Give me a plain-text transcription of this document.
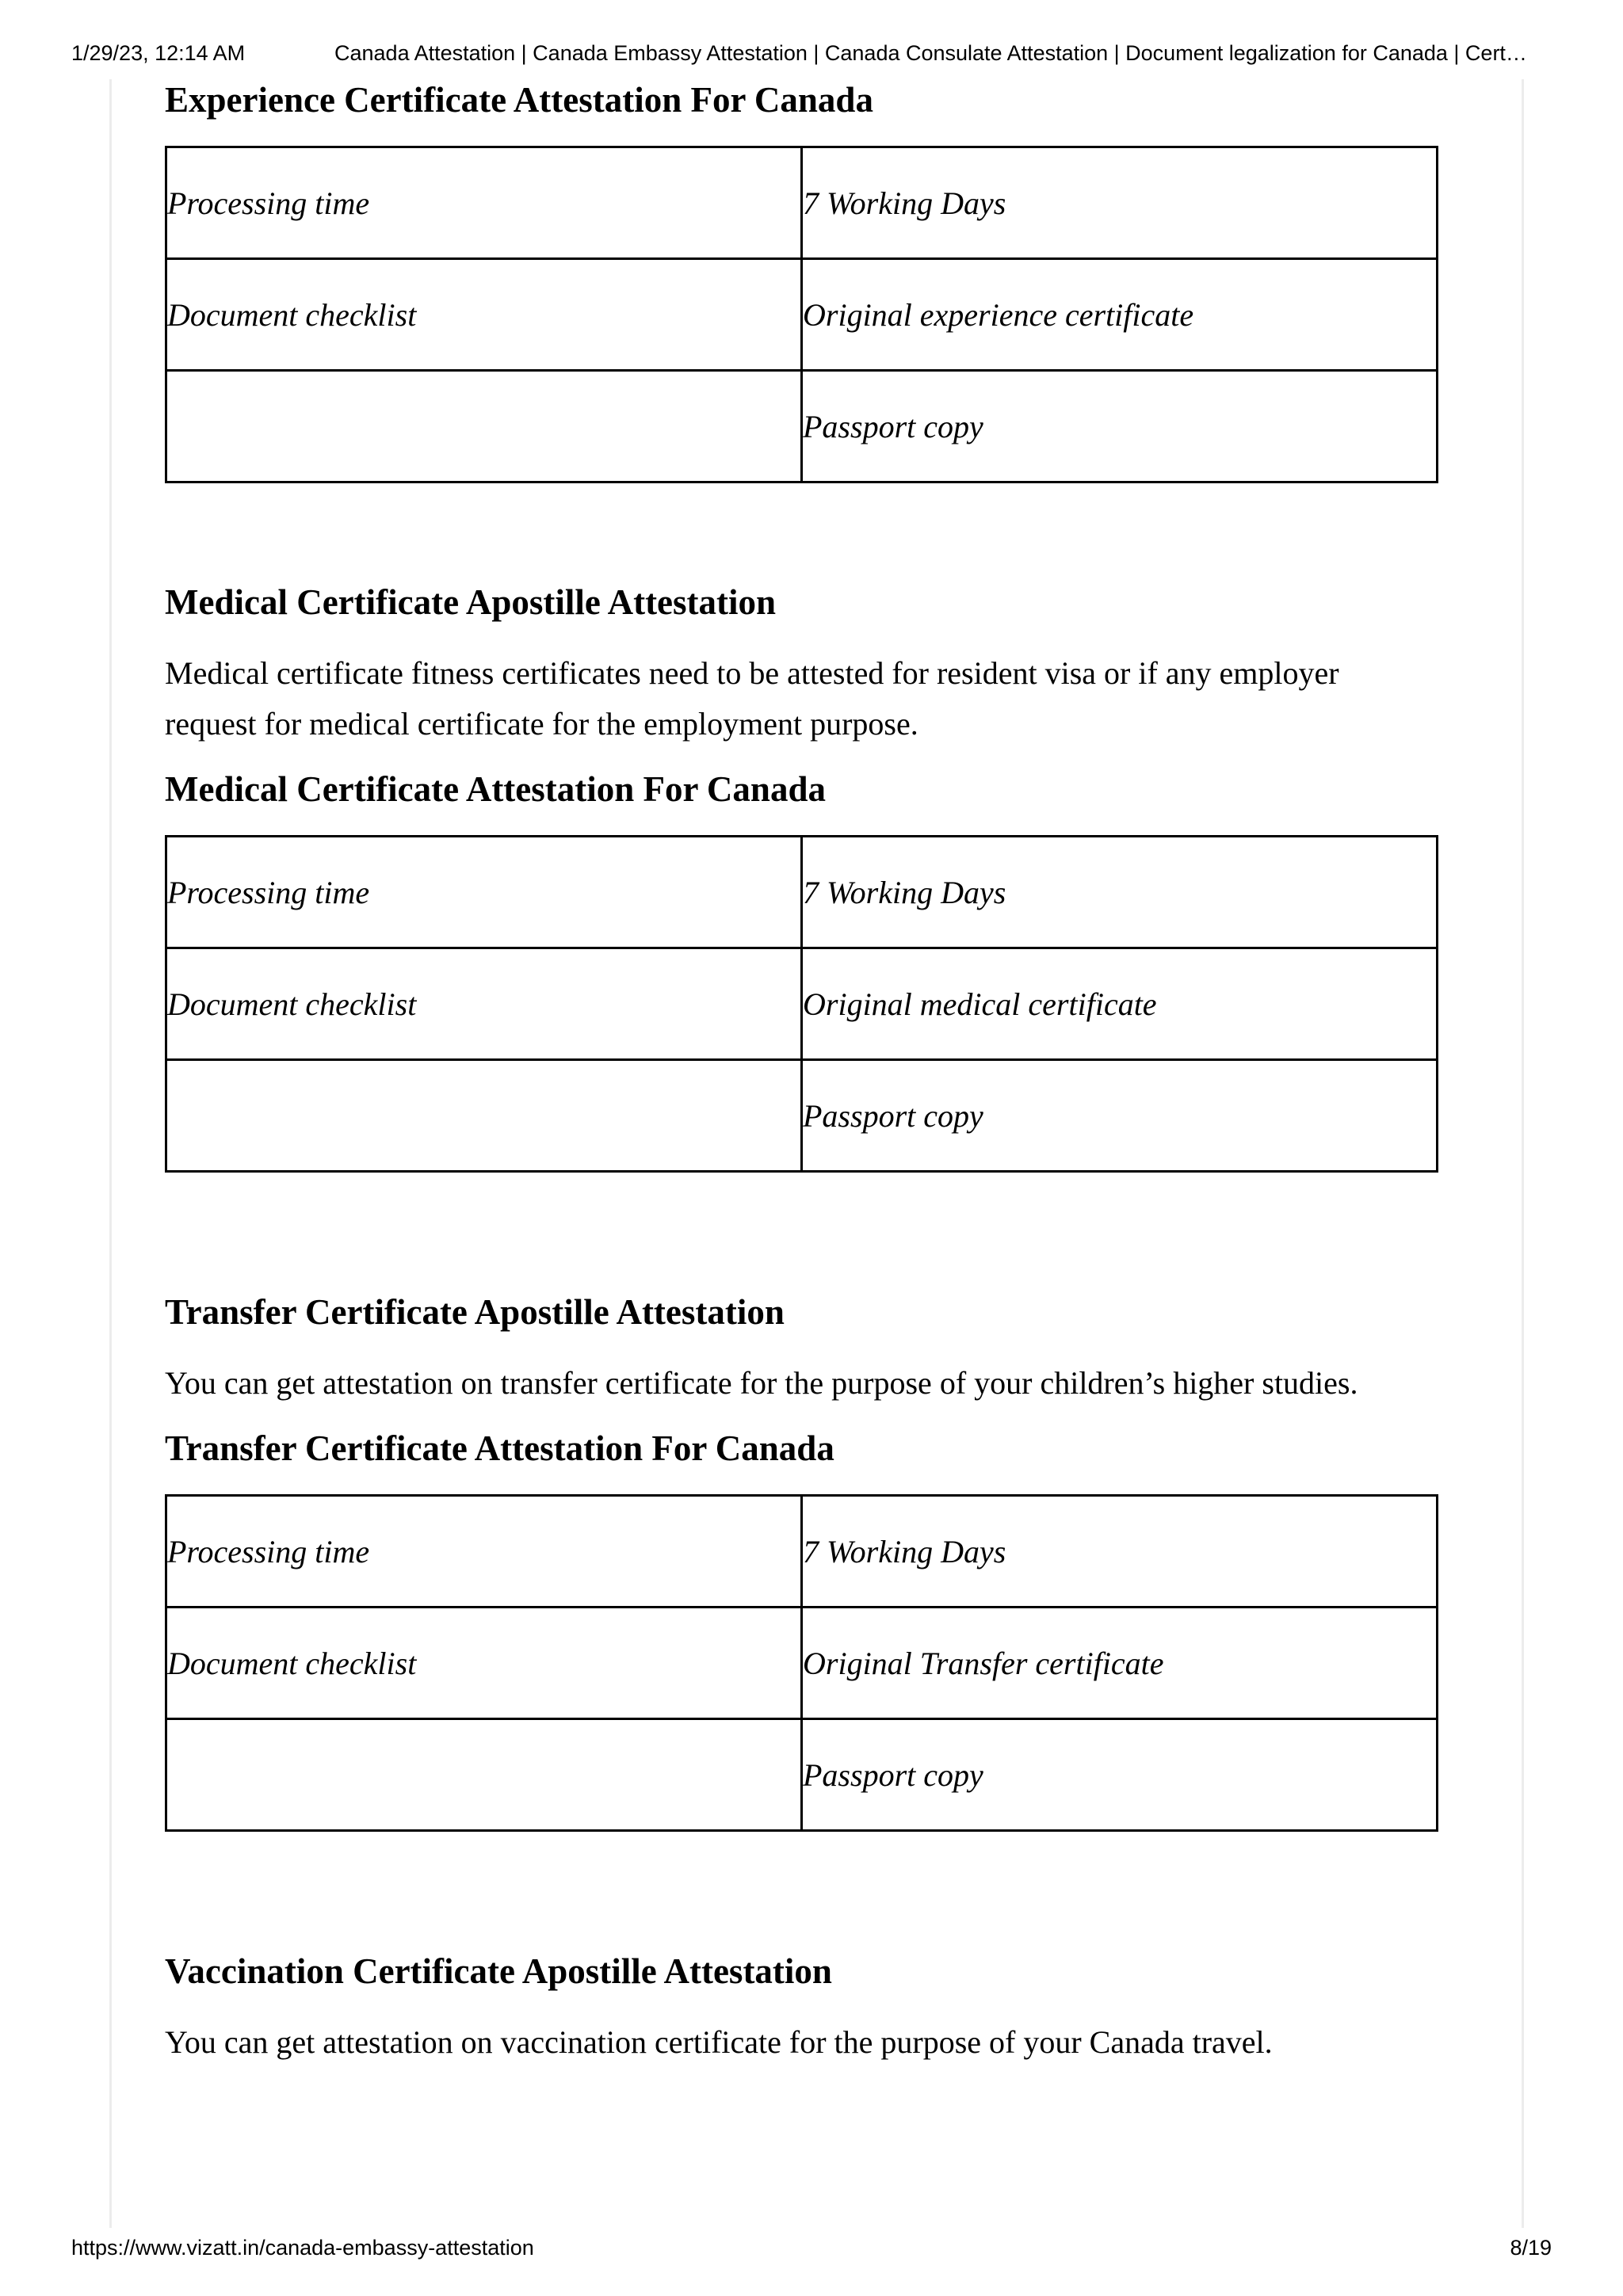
1/29/23, 12:14 AM	Canada Attestation | Canada Embassy Attestation | Canada Consulate Attestation | Document legalization for Canada | Cert…
Experience Certificate Attestation For Canada
Processing time	7 Working Days
Document checklist	Original experience certificate
	Passport copy
Medical Certificate Apostille Attestation

Medical certificate fitness certificates need to be attested for resident visa or if any employer request for medical certificate for the employment purpose.

Medical Certificate Attestation For Canada
Processing time	7 Working Days
Document checklist	Original medical certificate
	Passport copy
Transfer Certificate Apostille Attestation

You can get attestation on transfer certificate for the purpose of your children’s higher studies.

Transfer Certificate Attestation For Canada
Processing time	7 Working Days
Document checklist	Original Transfer certificate
	Passport copy
Vaccination Certificate Apostille Attestation

You can get attestation on vaccination certificate for the purpose of your Canada travel.

https://www.vizatt.in/canada-embassy-attestation	8/19
